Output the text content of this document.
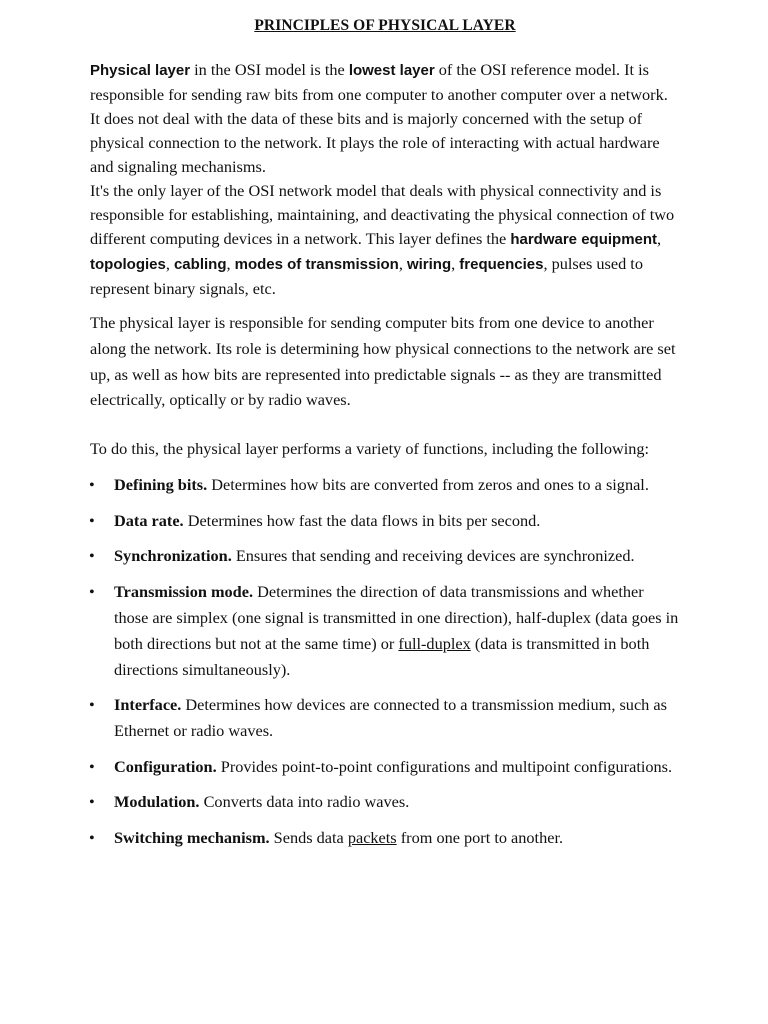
PRINCIPLES OF PHYSICAL LAYER
Physical layer in the OSI model is the lowest layer of the OSI reference model. It is responsible for sending raw bits from one computer to another computer over a network. It does not deal with the data of these bits and is majorly concerned with the setup of physical connection to the network. It plays the role of interacting with actual hardware and signaling mechanisms.
It's the only layer of the OSI network model that deals with physical connectivity and is responsible for establishing, maintaining, and deactivating the physical connection of two different computing devices in a network. This layer defines the hardware equipment, topologies, cabling, modes of transmission, wiring, frequencies, pulses used to represent binary signals, etc.

The physical layer is responsible for sending computer bits from one device to another along the network. Its role is determining how physical connections to the network are set up, as well as how bits are represented into predictable signals -- as they are transmitted electrically, optically or by radio waves.

To do this, the physical layer performs a variety of functions, including the following:
• Defining bits. Determines how bits are converted from zeros and ones to a signal.
• Data rate. Determines how fast the data flows in bits per second.
• Synchronization. Ensures that sending and receiving devices are synchronized.
• Transmission mode. Determines the direction of data transmissions and whether those are simplex (one signal is transmitted in one direction), half-duplex (data goes in both directions but not at the same time) or full-duplex (data is transmitted in both directions simultaneously).
• Interface. Determines how devices are connected to a transmission medium, such as Ethernet or radio waves.
• Configuration. Provides point-to-point configurations and multipoint configurations.
• Modulation. Converts data into radio waves.
• Switching mechanism. Sends data packets from one port to another.
